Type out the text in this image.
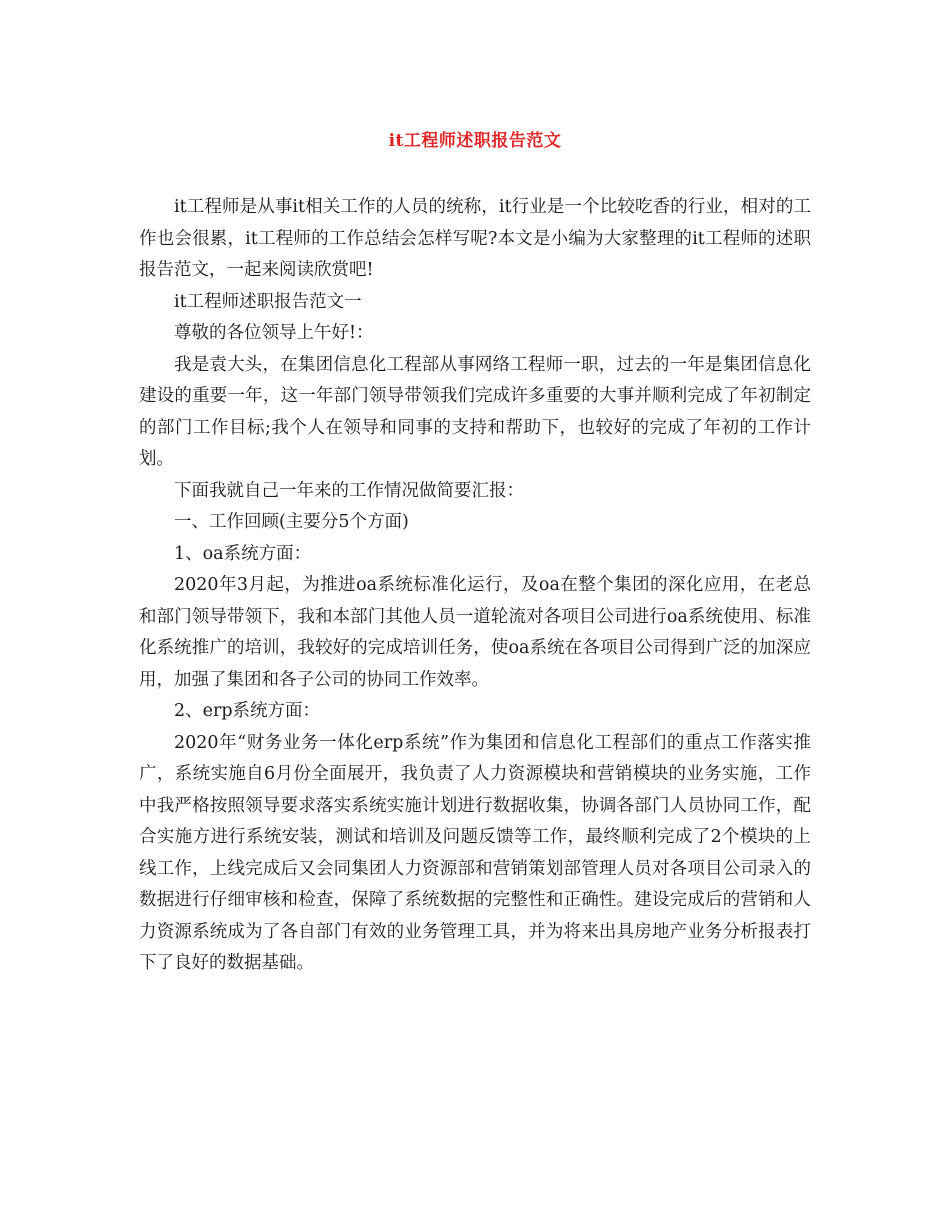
it工程师述职报告范文

it工程师是从事it相关工作的人员的统称，it行业是一个比较吃香的行业，相对的工作也会很累，it工程师的工作总结会怎样写呢?本文是小编为大家整理的it工程师的述职报告范文，一起来阅读欣赏吧!

it工程师述职报告范文一

尊敬的各位领导上午好!：

我是袁大头，在集团信息化工程部从事网络工程师一职，过去的一年是集团信息化建设的重要一年，这一年部门领导带领我们完成许多重要的大事并顺利完成了年初制定的部门工作目标;我个人在领导和同事的支持和帮助下，也较好的完成了年初的工作计划。

下面我就自己一年来的工作情况做简要汇报：

一、工作回顾(主要分5个方面)

1、oa系统方面：

2020年3月起，为推进oa系统标准化运行，及oa在整个集团的深化应用，在老总和部门领导带领下，我和本部门其他人员一道轮流对各项目公司进行oa系统使用、标准化系统推广的培训，我较好的完成培训任务，使oa系统在各项目公司得到广泛的加深应用，加强了集团和各子公司的协同工作效率。

2、erp系统方面：

2020年“财务业务一体化erp系统”作为集团和信息化工程部们的重点工作落实推广，系统实施自6月份全面展开，我负责了人力资源模块和营销模块的业务实施，工作中我严格按照领导要求落实系统实施计划进行数据收集，协调各部门人员协同工作，配合实施方进行系统安装，测试和培训及问题反馈等工作，最终顺利完成了2个模块的上线工作，上线完成后又会同集团人力资源部和营销策划部管理人员对各项目公司录入的数据进行仔细审核和检查，保障了系统数据的完整性和正确性。建设完成后的营销和人力资源系统成为了各自部门有效的业务管理工具，并为将来出具房地产业务分析报表打下了良好的数据基础。
